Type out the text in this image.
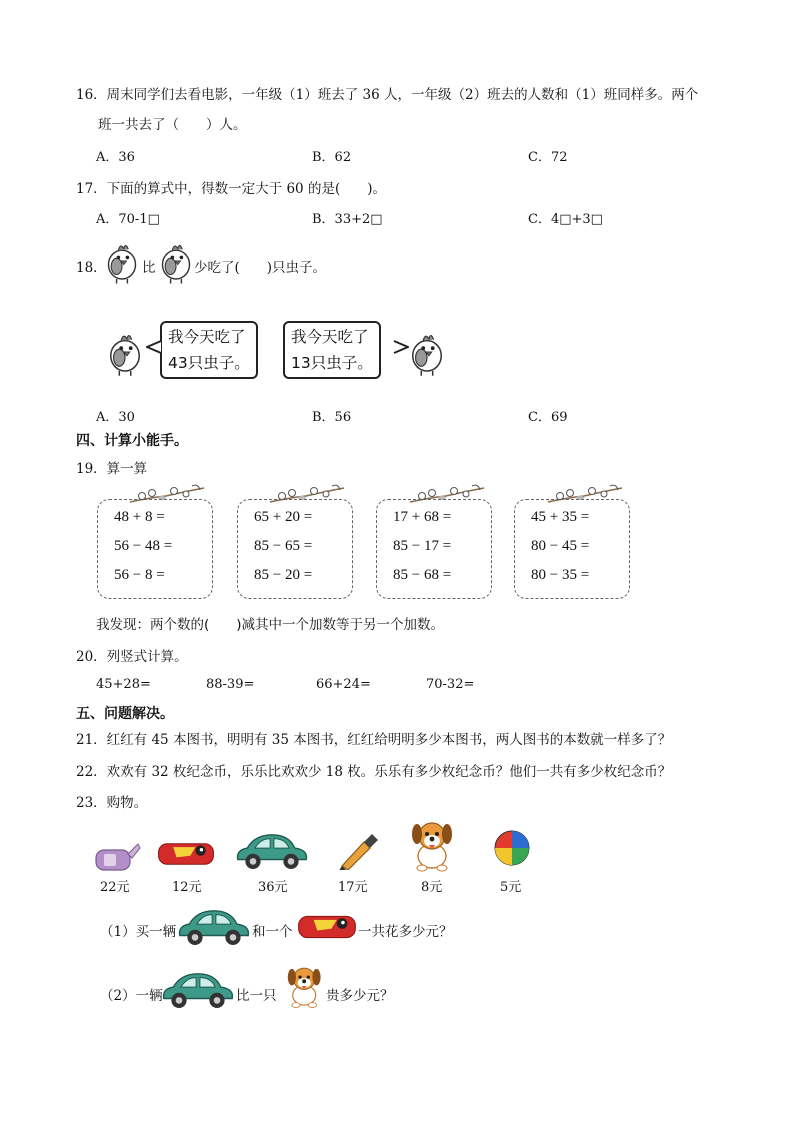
16．周末同学们去看电影，一年级（1）班去了 36 人，一年级（2）班去的人数和（1）班同样多。两个
班一共去了（　　）人。
A．36	B．62	C．72
17．下面的算式中，得数一定大于 60 的是(　　)。
A．70-1□	B．33+2□	C．4□+3□
18．	比	少吃了(　　)只虫子。
我今天吃了
43只虫子。
我今天吃了
13只虫子。
A．30	B．56	C．69
四、计算小能手。
19．算一算
48 + 8 =
56 − 48 =
56 − 8 =
65 + 20 =
85 − 65 =
85 − 20 =
17 + 68 =
85 − 17 =
85 − 68 =
45 + 35 =
80 − 45 =
80 − 35 =
我发现：两个数的(　　)减其中一个加数等于另一个加数。
20．列竖式计算。
45+28=	88-39=	66+24=	70-32=
五、问题解决。
21．红红有 45 本图书，明明有 35 本图书，红红给明明多少本图书，两人图书的本数就一样多了？
22．欢欢有 32 枚纪念币，乐乐比欢欢少 18 枚。乐乐有多少枚纪念币？他们一共有多少枚纪念币？
23．购物。
22元	12元	36元	17元	8元	5元
（1）买一辆	和一个	一共花多少元？
（2）一辆	比一只	贵多少元？
